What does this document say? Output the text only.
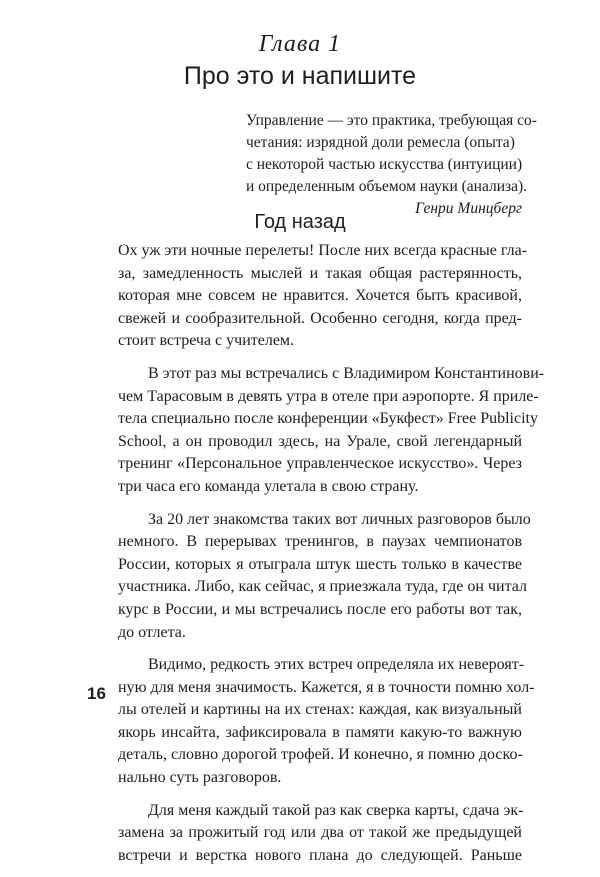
Глава 1
Про это и напишите
Управление — это практика, требующая со-
четания: изрядной доли ремесла (опыта)
с некоторой частью искусства (интуиции)
и определенным объемом науки (анализа).
Генри Минцберг
Год назад
Ох уж эти ночные перелеты! После них всегда красные гла-
за, замедленность мыслей и такая общая растерянность,
которая мне совсем не нравится. Хочется быть красивой,
свежей и сообразительной. Особенно сегодня, когда пред-
стоит встреча с учителем.
В этот раз мы встречались с Владимиром Константинови-
чем Тарасовым в девять утра в отеле при аэропорте. Я прилe-
тела специально после конференции «Букфест» Free Publicity
School, а он проводил здесь, на Урале, свой легендарный
тренинг «Персональное управленческое искусство». Через
три часа его команда улетала в свою страну.
За 20 лет знакомства таких вот личных разговоров было
немного. В перерывах тренингов, в паузах чемпионатов
России, которых я отыграла штук шесть только в качестве
участника. Либо, как сейчас, я приезжала туда, где он читал
курс в России, и мы встречались после его работы вот так,
до отлета.
Видимо, редкость этих встреч определяла их невероят-
ную для меня значимость. Кажется, я в точности помню хол-
лы отелей и картины на их стенах: каждая, как визуальный
якорь инсайта, зафиксировала в памяти какую-то важную
деталь, словно дорогой трофей. И конечно, я помню доско-
нально суть разговоров.
Для меня каждый такой раз как сверка карты, сдача эк-
замена за прожитый год или два от такой же предыдущей
встречи и верстка нового плана до следующей. Раньше
16
